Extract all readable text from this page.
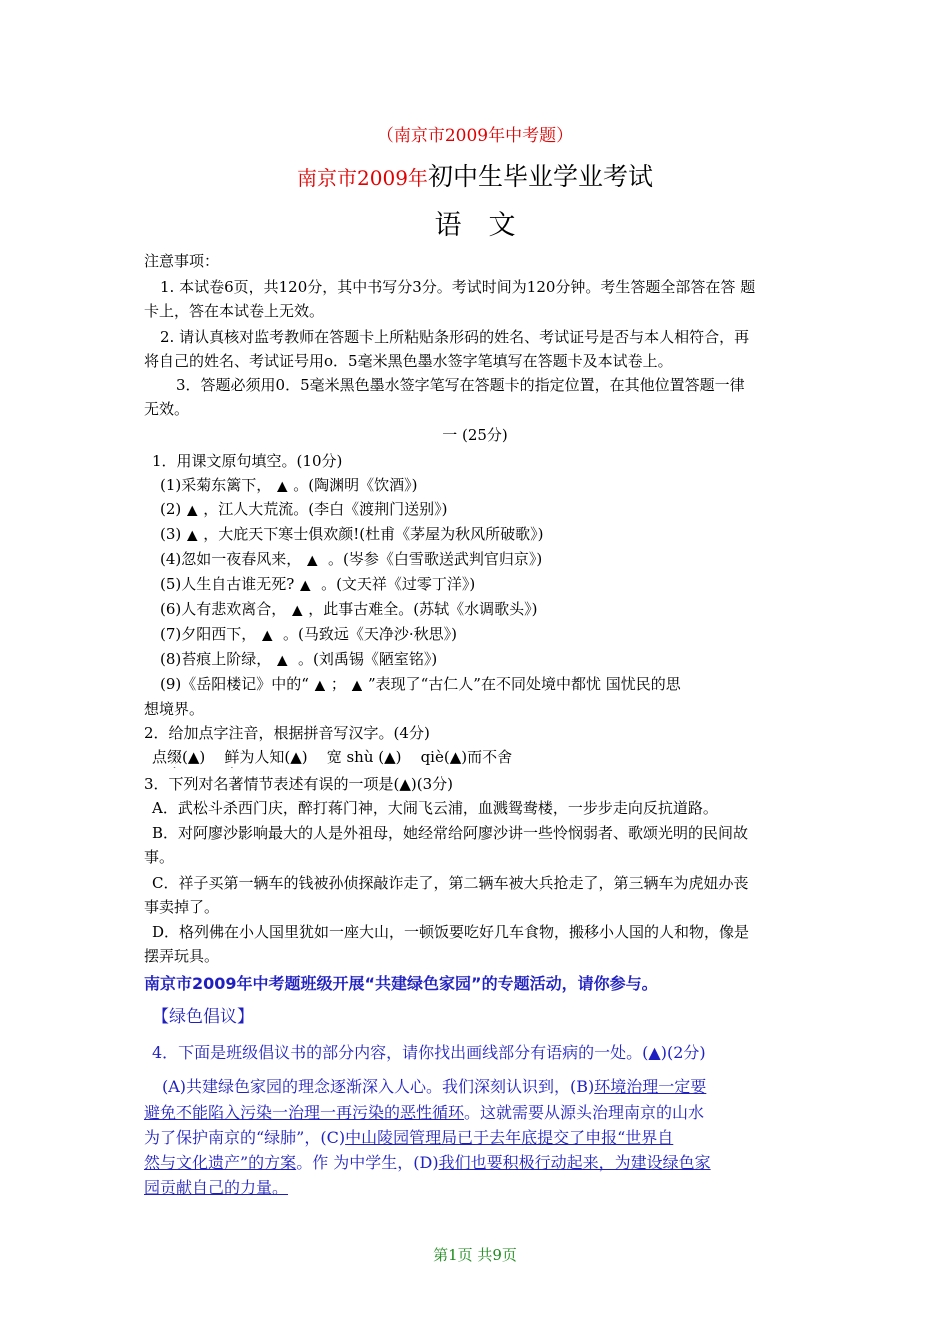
（南京市2009年中考题）
南京市2009年初中生毕业学业考试
语　文
注意事项：
1. 本试卷6页，共120分，其中书写分3分。考试时间为120分钟。考生答题全部答在答 题
卡上，答在本试卷上无效。
2. 请认真核对监考教师在答题卡上所粘贴条形码的姓名、考试证号是否与本人相符合，再
将自己的姓名、考试证号用o．5毫米黑色墨水签字笔填写在答题卡及本试卷上。
3．答题必须用0．5毫米黑色墨水签字笔写在答题卡的指定位置，在其他位置答题一律
无效。
一 (25分)
1．用课文原句填空。(10分)
(1)采菊东篱下， ▲ 。(陶渊明《饮酒》)
(2) ▲ ，江人大荒流。(李白《渡荆门送别》)
(3) ▲ ，大庇天下寒士俱欢颜!(杜甫《茅屋为秋风所破歌》)
(4)忽如一夜春风来， ▲ 。(岑参《白雪歌送武判官归京》)
(5)人生自古谁无死? ▲ 。(文天祥《过零丁洋》)
(6)人有悲欢离合， ▲ ，此事古难全。(苏轼《水调歌头》)
(7)夕阳西下， ▲ 。(马致远《天净沙·秋思》)
(8)苔痕上阶绿， ▲ 。(刘禹锡《陋室铭》)
(9)《岳阳楼记》中的“ ▲ ； ▲ ”表现了“古仁人”在不同处境中都忧 国忧民的思
想境界。
2．给加点字注音，根据拼音写汉字。(4分)
点缀(▲) 鲜为人知(▲) 宽 shù (▲) qiè(▲)而不舍
3．下列对名著情节表述有误的一项是(▲)(3分)
A．武松斗杀西门庆，醉打蒋门神，大闹飞云浦，血溅鸳鸯楼，一步步走向反抗道路。
B．对阿廖沙影响最大的人是外祖母，她经常给阿廖沙讲一些怜悯弱者、歌颂光明的民间故
事。
C．祥子买第一辆车的钱被孙侦探敲诈走了，第二辆车被大兵抢走了，第三辆车为虎妞办丧
事卖掉了。
D．格列佛在小人国里犹如一座大山，一顿饭要吃好几车食物，搬移小人国的人和物，像是
摆弄玩具。
南京市2009年中考题班级开展“共建绿色家园”的专题活动，请你参与。
【绿色倡议】
4．下面是班级倡议书的部分内容，请你找出画线部分有语病的一处。(▲)(2分)
(A)共建绿色家园的理念逐渐深入人心。我们深刻认识到，(B)环境治理一定要
避免不能陷入污染一治理一再污染的恶性循环。这就需要从源头治理南京的山水
为了保护南京的“绿肺”，(C)中山陵园管理局已于去年底提交了申报“世界自
然与文化遗产”的方案。作 为中学生，(D)我们也要积极行动起来，为建设绿色家
园贡献自己的力量。
第1页 共9页
